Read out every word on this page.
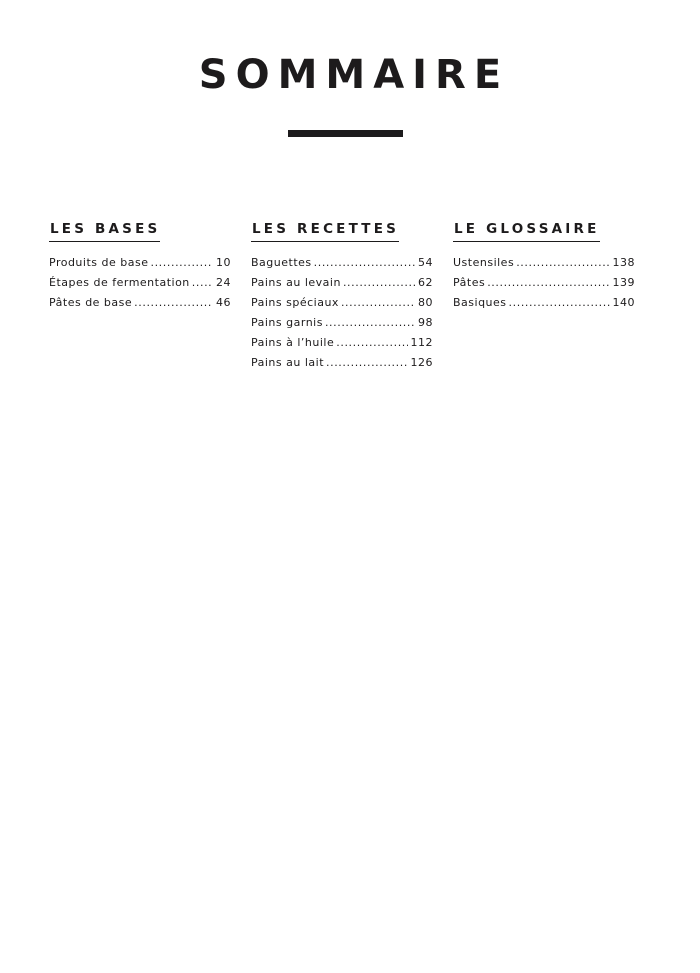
SOMMAIRE
LES BASES
Produits de base .....	10
Étapes de fermentation ..... 24
Pâtes de base .....	46
LES RECETTES
Baguettes .....	54
Pains au levain .....	62
Pains spéciaux .....	80
Pains garnis .....	98
Pains à l’huile .....	112
Pains au lait .....	126
LE GLOSSAIRE
Ustensiles .....	138
Pâtes .....	139
Basiques .....	140
